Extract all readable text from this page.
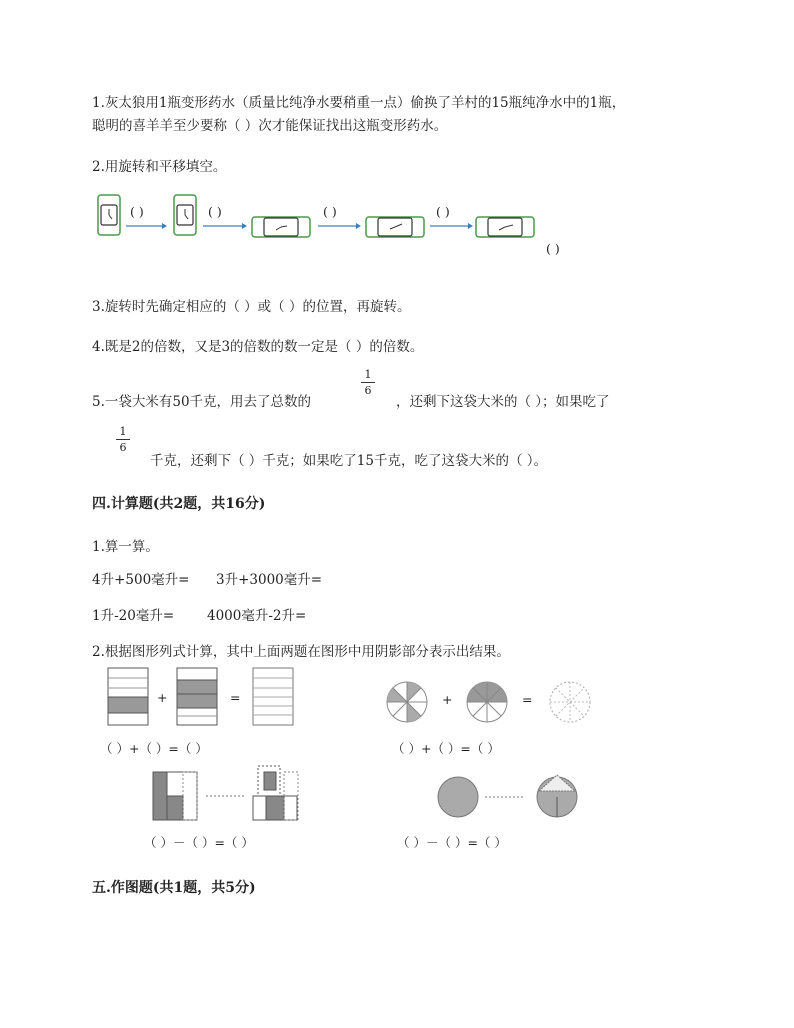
1.灰太狼用1瓶变形药水（质量比纯净水要稍重一点）偷换了羊村的15瓶纯净水中的1瓶，
聪明的喜羊羊至少要称（ ）次才能保证找出这瓶变形药水。
2.用旋转和平移填空。
( )	( )	( )	( )
( )
3.旋转时先确定相应的（ ）或（ ）的位置，再旋转。
4.既是2的倍数，又是3的倍数的数一定是（ ）的倍数。
5.一袋大米有50千克，用去了总数的
1
6
，还剩下这袋大米的（ ）；如果吃了
1
6
千克，还剩下（ ）千克；如果吃了15千克，吃了这袋大米的（ ）。
四.计算题(共2题，共16分)
1.算一算。
4升+500毫升= 3升+3000毫升=
1升-20毫升= 4000毫升-2升=
2.根据图形列式计算，其中上面两题在图形中用阴影部分表示出结果。
+	=	+	=
（ ）+（ ）=（ ）	（ ）+（ ）=（ ）
（ ）－（ ）=（ ）	（ ）－（ ）=（ ）
五.作图题(共1题，共5分)
